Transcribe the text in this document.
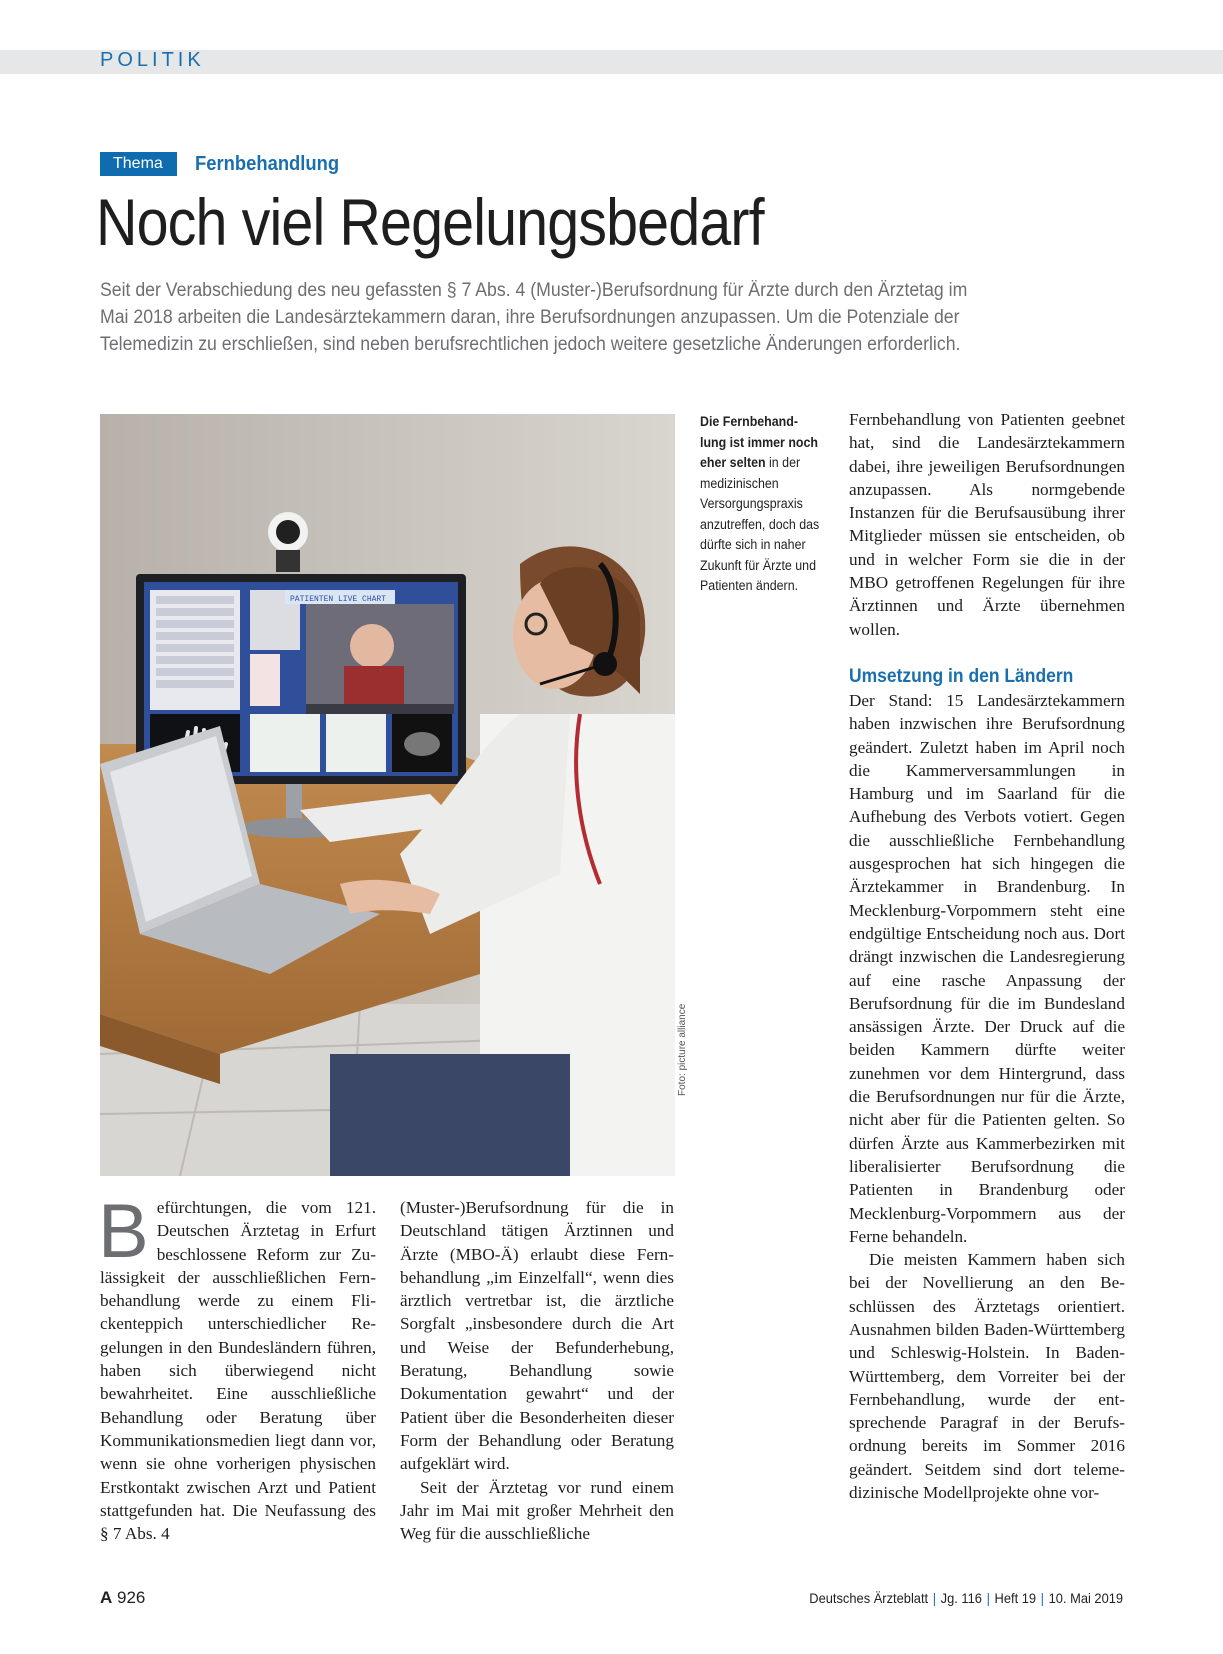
POLITIK
Thema	Fernbehandlung
Noch viel Regelungsbedarf
Seit der Verabschiedung des neu gefassten § 7 Abs. 4 (Muster-)Berufsordnung für Ärzte durch den Ärztetag im
Mai 2018 arbeiten die Landesärztekammern daran, ihre Berufsordnungen anzupassen. Um die Potenziale der
Telemedizin zu erschließen, sind neben berufsrechtlichen jedoch weitere gesetzliche Änderungen erforderlich.
PATIENTEN LIVE CHART
Foto: picture alliance
Die Fernbehandlung ist immer noch eher selten in der medizinischen Versorgungspraxis anzutreffen, doch das dürfte sich in naher Zukunft für Ärzte und Patienten ändern.

Befürchtungen, die vom 121. Deutschen Ärztetag in Erfurt beschlossene Reform zur Zulässigkeit der ausschließlichen Fernbehandlung werde zu einem Flickenteppich unterschiedlicher Regelungen in den Bundesländern führen, haben sich überwiegend nicht bewahrheitet. Eine ausschließliche Behandlung oder Beratung über Kommunikationsmedien liegt dann vor, wenn sie ohne vorherigen physischen Erstkontakt zwischen Arzt und Patient stattgefunden hat. Die Neufassung des § 7 Abs. 4

(Muster-)Berufsordnung für die in Deutschland tätigen Ärztinnen und Ärzte (MBO-Ä) erlaubt diese Fernbehandlung „im Einzelfall“, wenn dies ärztlich vertretbar ist, die ärztliche Sorgfalt „insbesondere durch die Art und Weise der Befunderhebung, Beratung, Behandlung sowie Dokumentation gewahrt“ und der Patient über die Besonderheiten dieser Form der Behandlung oder Beratung aufgeklärt wird.

Seit der Ärztetag vor rund einem Jahr im Mai mit großer Mehrheit den Weg für die ausschließliche

Fernbehandlung von Patienten geebnet hat, sind die Landesärztekammern dabei, ihre jeweiligen Berufsordnungen anzupassen. Als normgebende Instanzen für die Berufsausübung ihrer Mitglieder müssen sie entscheiden, ob und in welcher Form sie die in der MBO getroffenen Regelungen für ihre Ärztinnen und Ärzte übernehmen wollen.

Umsetzung in den Ländern

Der Stand: 15 Landesärztekammern haben inzwischen ihre Berufsordnung geändert. Zuletzt haben im April noch die Kammerversammlungen in Hamburg und im Saarland für die Aufhebung des Verbots votiert. Gegen die ausschließliche Fernbehandlung ausgesprochen hat sich hingegen die Ärztekammer in Brandenburg. In Mecklenburg-Vorpommern steht eine endgültige Entscheidung noch aus. Dort drängt inzwischen die Landesregierung auf eine rasche Anpassung der Berufsordnung für die im Bundesland ansässigen Ärzte. Der Druck auf die beiden Kammern dürfte weiter zunehmen vor dem Hintergrund, dass die Berufsordnungen nur für die Ärzte, nicht aber für die Patienten gelten. So dürfen Ärzte aus Kammerbezirken mit liberalisierter Berufsordnung die Patienten in Brandenburg oder Mecklenburg-Vorpommern aus der Ferne behandeln.

Die meisten Kammern haben sich bei der Novellierung an den Beschlüssen des Ärztetags orientiert. Ausnahmen bilden Baden-Württemberg und Schleswig-Holstein. In Baden-Württemberg, dem Vorreiter bei der Fernbehandlung, wurde der entsprechende Paragraf in der Berufsordnung bereits im Sommer 2016 geändert. Seitdem sind dort telemedizinische Modellprojekte ohne vor-

A 926	Deutsches Ärzteblatt | Jg. 116 | Heft 19 | 10. Mai 2019
